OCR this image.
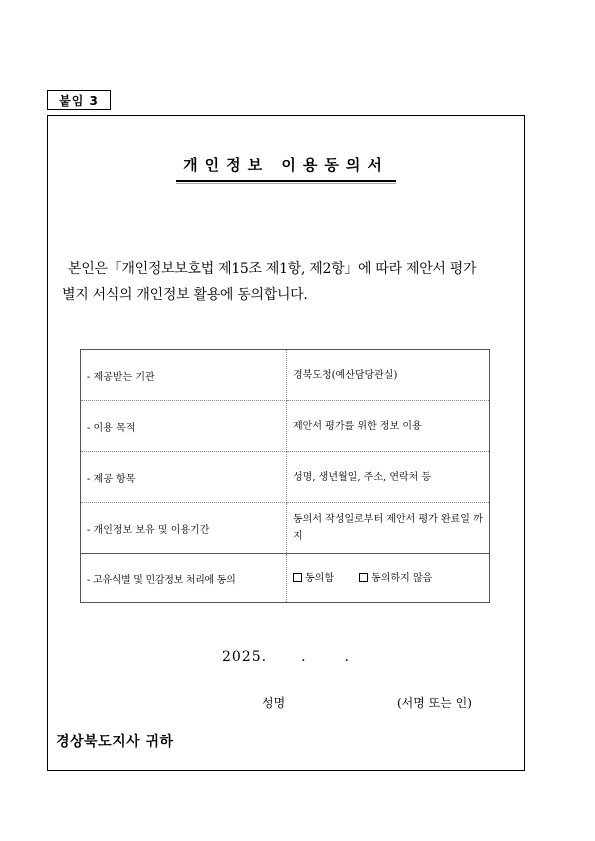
붙임 3
개인정보 이용동의서
본인은「개인정보보호법 제15조 제1항, 제2항」에 따라 제안서 평가
별지 서식의 개인정보 활용에 동의합니다.
- 제공받는 기관	경북도청(예산담당관실)
- 이용 목적	제안서 평가를 위한 정보 이용
- 제공 항목	성명, 생년월일, 주소, 연락처 등
- 개인정보 보유 및 이용기간	동의서 작성일로부터 제안서 평가 완료일 까지
- 고유식별 및 민감정보 처리에 동의	동의함 동의하지 않음
2025. .	.
성명	(서명 또는 인)
경상북도지사 귀하
